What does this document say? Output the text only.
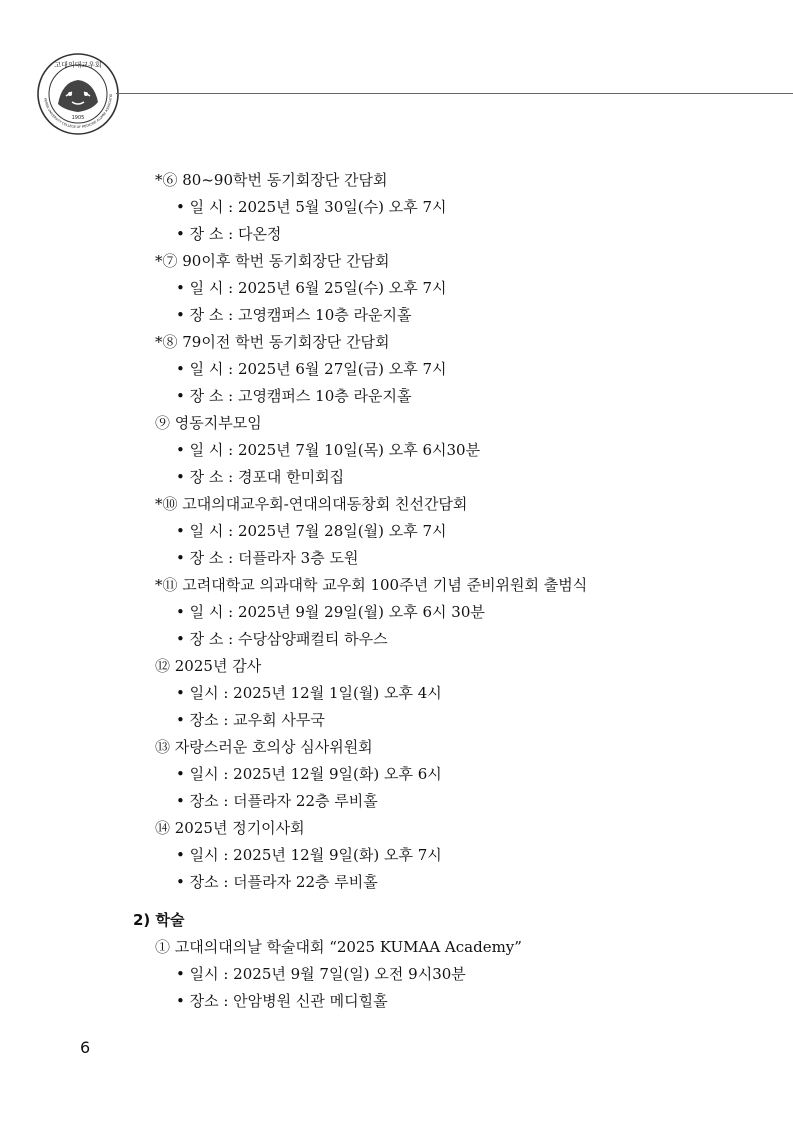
고대의대교우회
1905
KOREA UNIVERSITY COLLEGE OF MEDICINE ALUMNI ASSOCIATIO
*⑥ 80~90학번 동기회장단 간담회
• 일 시 : 2025년 5월 30일(수) 오후 7시
• 장 소 : 다온정
*⑦ 90이후 학번 동기회장단 간담회
• 일 시 : 2025년 6월 25일(수) 오후 7시
• 장 소 : 고영캠퍼스 10층 라운지홀
*⑧ 79이전 학번 동기회장단 간담회
• 일 시 : 2025년 6월 27일(금) 오후 7시
• 장 소 : 고영캠퍼스 10층 라운지홀
⑨ 영동지부모임
• 일 시 : 2025년 7월 10일(목) 오후 6시30분
• 장 소 : 경포대 한미회집
*⑩ 고대의대교우회-연대의대동창회 친선간담회
• 일 시 : 2025년 7월 28일(월) 오후 7시
• 장 소 : 더플라자 3층 도원
*⑪ 고려대학교 의과대학 교우회 100주년 기념 준비위원회 출범식
• 일 시 : 2025년 9월 29일(월) 오후 6시 30분
• 장 소 : 수당삼양패컬티 하우스
⑫ 2025년 감사
• 일시 : 2025년 12월 1일(월) 오후 4시
• 장소 : 교우회 사무국
⑬ 자랑스러운 호의상 심사위원회
• 일시 : 2025년 12월 9일(화) 오후 6시
• 장소 : 더플라자 22층 루비홀
⑭ 2025년 정기이사회
• 일시 : 2025년 12월 9일(화) 오후 7시
• 장소 : 더플라자 22층 루비홀
2) 학술
① 고대의대의날 학술대회 “2025 KUMAA Academy”
• 일시 : 2025년 9월 7일(일) 오전 9시30분
• 장소 : 안암병원 신관 메디힐홀
6
